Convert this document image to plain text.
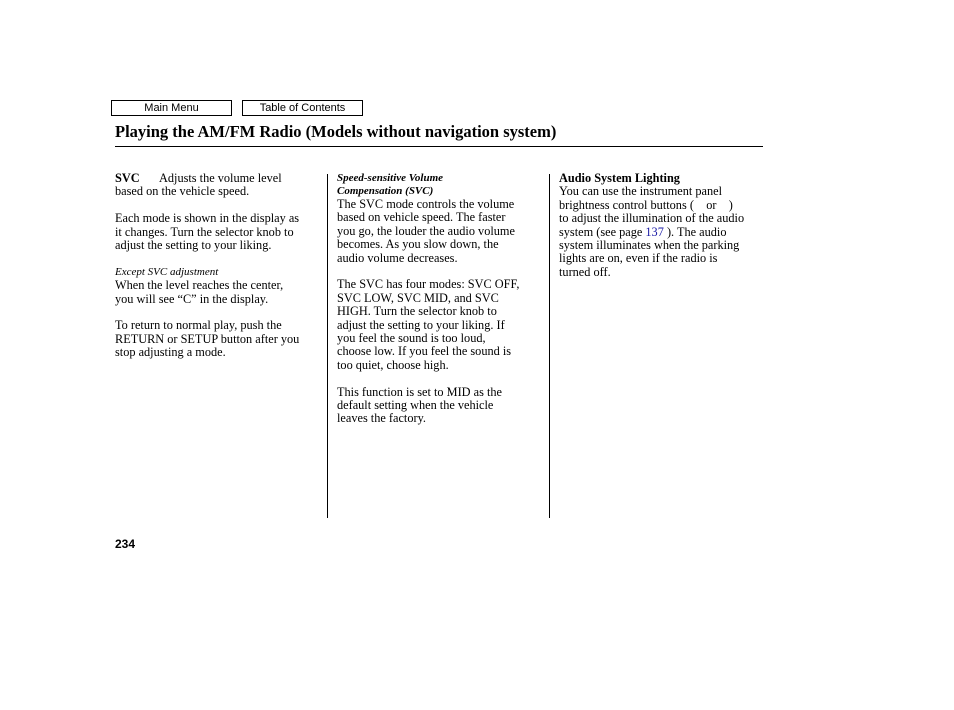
Main Menu	Table of Contents
Playing the AM/FM Radio (Models without navigation system)

SVC Adjusts the volume level
based on the vehicle speed.

Each mode is shown in the display as
it changes. Turn the selector knob to
adjust the setting to your liking.

Except SVC adjustment

When the level reaches the center,
you will see “C” in the display.

To return to normal play, push the
RETURN or SETUP button after you
stop adjusting a mode.

Speed-sensitive Volume
Compensation (SVC)

The SVC mode controls the volume
based on vehicle speed. The faster
you go, the louder the audio volume
becomes. As you slow down, the
audio volume decreases.

The SVC has four modes: SVC OFF,
SVC LOW, SVC MID, and SVC
HIGH. Turn the selector knob to
adjust the setting to your liking. If
you feel the sound is too loud,
choose low. If you feel the sound is
too quiet, choose high.

This function is set to MID as the
default setting when the vehicle
leaves the factory.

Audio System Lighting

You can use the instrument panel
brightness control buttons (    or    )
to adjust the illumination of the audio
system (see page 137 ). The audio
system illuminates when the parking
lights are on, even if the radio is
turned off.

234
